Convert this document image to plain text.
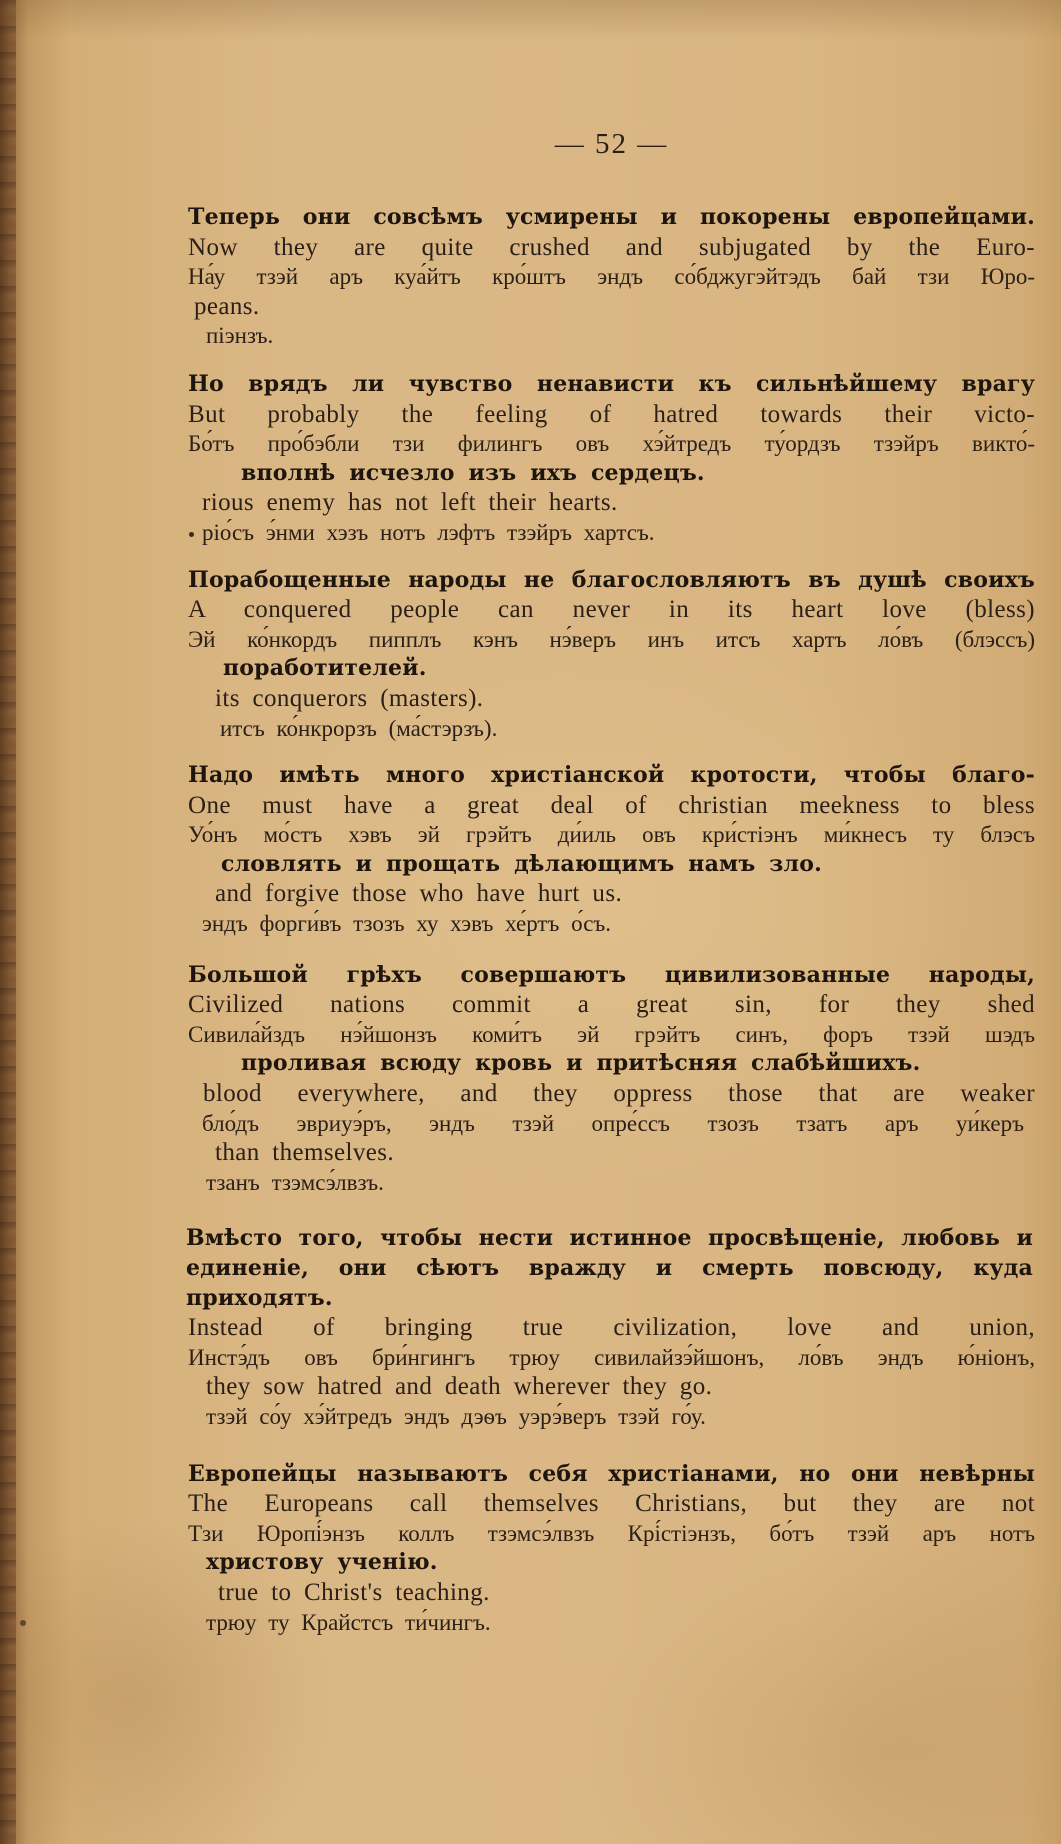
— 52 —
Теперь они совсѣмъ усмирены и покорены европейцами.
Now they are quite crushed and subjugated by the Euro-
На́у тзэй аръ куа́йтъ кро́штъ эндъ со́бджугэйтэдъ бай тзи Юро-
peans.
піэнзъ.
Но врядъ ли чувство ненависти къ сильнѣйшему врагу
But probably the feeling of hatred towards their victo-
Бо́тъ про́бэбли тзи филингъ овъ хэ́йтредъ ту́ордзъ тзэйръ викто́-
вполнѣ исчезло изъ ихъ сердецъ.
rious enemy has not left their hearts.
ріо́съ э́нми хэзъ нотъ лэфтъ тзэйръ хартсъ.
Порабощенные народы не благословляютъ въ душѣ своихъ
A conquered people can never in its heart love (bless)
Эй ко́нкордъ пипплъ кэнъ нэ́веръ инъ итсъ хартъ ло́въ (блэссъ)
поработителей.
its conquerors (masters).
итсъ ко́нкрорзъ (ма́стэрзъ).
Надо имѣть много христіанской кротости, чтобы благо-
One must have a great deal of christian meekness to bless
Уо́нъ мо́стъ хэвъ эй грэйтъ ди́иль овъ кри́стіэнъ ми́кнесъ ту блэсъ
словлять и прощать дѣлающимъ намъ зло.
and forgive those who have hurt us.
эндъ форги́въ тзозъ ху хэвъ хе́ртъ о́съ.
Большой грѣхъ совершаютъ цивилизованные народы,
Civilized nations commit a great sin, for they shed
Сивила́йздъ нэ́йшонзъ коми́тъ эй грэйтъ синъ, форъ тзэй шэдъ
проливая всюду кровь и притѣсняя слабѣйшихъ.
blood everywhere, and they oppress those that are weaker
бло́дъ эвриуэ́ръ, эндъ тзэй опре́ссъ тзозъ тзатъ аръ уи́керъ
than themselves.
тзанъ тзэмсэ́лвзъ.
Вмѣсто того, чтобы нести истинное просвѣщеніе, любовь и
единеніе, они сѣютъ вражду и смерть повсюду, куда
приходятъ.
Instead of bringing true civilization, love and union,
Инстэ́дъ овъ бри́нгингъ трюу сивилайзэ́йшонъ, ло́въ эндъ ю́ніонъ,
they sow hatred and death wherever they go.
тзэй со́у хэ́йтредъ эндъ дэѳъ уэрэ́веръ тзэй го́у.
Европейцы называютъ себя христіанами, но они невѣрны
The Europeans call themselves Christians, but they are not
Тзи Юропі́энзъ коллъ тзэмсэ́лвзъ Крі́стіэнзъ, бо́тъ тзэй аръ нотъ
христову ученію.
true to Christ's teaching.
трюу ту Крайстсъ ти́чингъ.
